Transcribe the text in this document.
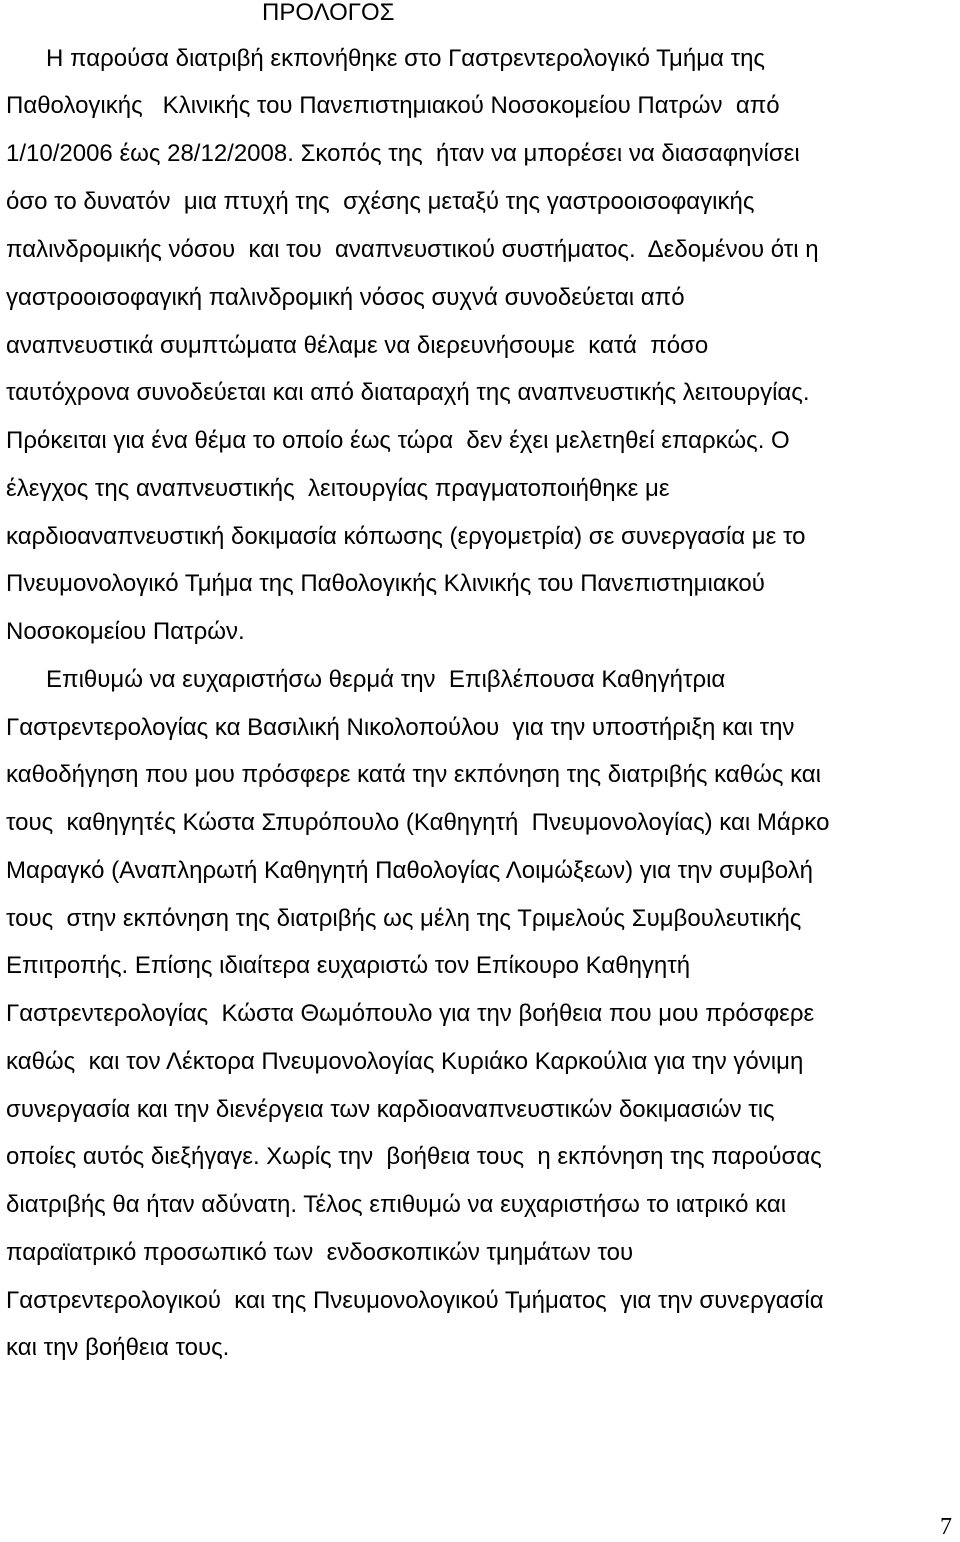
ΠΡΟΛΟΓΟΣ

Η παρούσα διατριβή εκπονήθηκε στο Γαστρεντερολογικό Τμήμα της

Παθολογικής   Κλινικής του Πανεπιστημιακού Νοσοκομείου Πατρών  από

1/10/2006 έως 28/12/2008. Σκοπός της  ήταν να μπορέσει να διασαφηνίσει

όσο το δυνατόν  μια πτυχή της  σχέσης μεταξύ της γαστροοισοφαγικής

παλινδρομικής νόσου  και του  αναπνευστικού συστήματος.  Δεδομένου ότι η

γαστροοισοφαγική παλινδρομική νόσος συχνά συνοδεύεται από

αναπνευστικά συμπτώματα θέλαμε να διερευνήσουμε  κατά  πόσο

ταυτόχρονα συνοδεύεται και από διαταραχή της αναπνευστικής λειτουργίας.

Πρόκειται για ένα θέμα το οποίο έως τώρα  δεν έχει μελετηθεί επαρκώς. Ο

έλεγχος της αναπνευστικής  λειτουργίας πραγματοποιήθηκε με

καρδιοαναπνευστική δοκιμασία κόπωσης (εργομετρία) σε συνεργασία με το

Πνευμονολογικό Τμήμα της Παθολογικής Κλινικής του Πανεπιστημιακού

Νοσοκομείου Πατρών.

Επιθυμώ να ευχαριστήσω θερμά την  Επιβλέπουσα Καθηγήτρια

Γαστρεντερολογίας κα Βασιλική Νικολοπούλου  για την υποστήριξη και την

καθοδήγηση που μου πρόσφερε κατά την εκπόνηση της διατριβής καθώς και

τους  καθηγητές Κώστα Σπυρόπουλο (Καθηγητή  Πνευμονολογίας) και Μάρκο

Μαραγκό (Αναπληρωτή Καθηγητή Παθολογίας Λοιμώξεων) για την συμβολή

τους  στην εκπόνηση της διατριβής ως μέλη της Τριμελούς Συμβουλευτικής

Επιτροπής. Επίσης ιδιαίτερα ευχαριστώ τον Επίκουρο Καθηγητή

Γαστρεντερολογίας  Κώστα Θωμόπουλο για την βοήθεια που μου πρόσφερε

καθώς  και τον Λέκτορα Πνευμονολογίας Κυριάκο Καρκούλια για την γόνιμη

συνεργασία και την διενέργεια των καρδιοαναπνευστικών δοκιμασιών τις

οποίες αυτός διεξήγαγε. Χωρίς την  βοήθεια τους  η εκπόνηση της παρούσας

διατριβής θα ήταν αδύνατη. Τέλος επιθυμώ να ευχαριστήσω το ιατρικό και

παραϊατρικό προσωπικό των  ενδοσκοπικών τμημάτων του

Γαστρεντερολογικού  και της Πνευμονολογικού Τμήματος  για την συνεργασία

και την βοήθεια τους.

7
